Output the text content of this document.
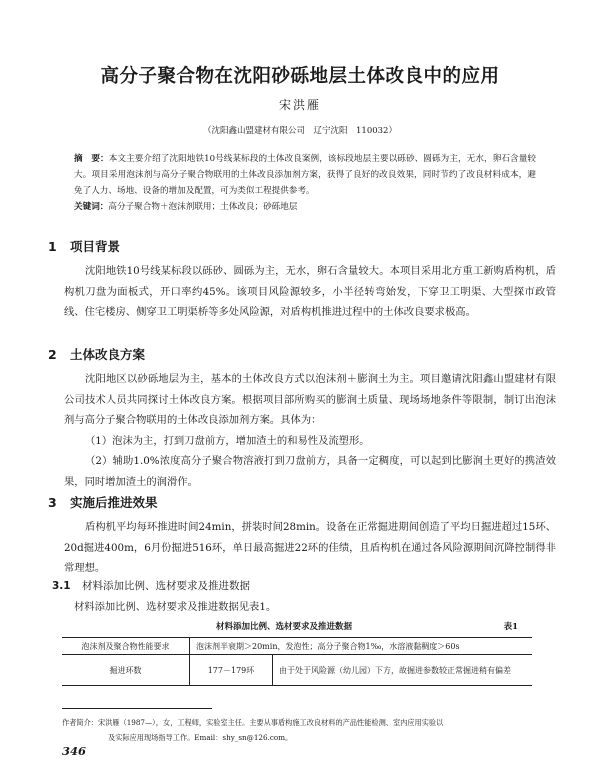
高分子聚合物在沈阳砂砾地层土体改良中的应用
宋洪雁
（沈阳鑫山盟建材有限公司　辽宁沈阳　110032）
摘　要：本文主要介绍了沈阳地铁10号线某标段的土体改良案例，该标段地层主要以砾砂、圆砾为主，无水，卵石含量较大。项目采用泡沫剂与高分子聚合物联用的土体改良添加剂方案，获得了良好的改良效果，同时节约了改良材料成本，避免了人力、场地、设备的增加及配置，可为类似工程提供参考。
关键词：高分子聚合物＋泡沫剂联用；土体改良；砂砾地层
1 项目背景
沈阳地铁10号线某标段以砾砂、圆砾为主，无水，卵石含量较大。本项目采用北方重工新购盾构机，盾构机刀盘为面板式，开口率约45%。该项目风险源较多，小半径转弯始发，下穿卫工明渠、大型探市政管线、住宅楼房、侧穿卫工明渠桥等多处风险源，对盾构机推进过程中的土体改良要求极高。
2 土体改良方案
沈阳地区以砂砾地层为主，基本的土体改良方式以泡沫剂＋膨润土为主。项目邀请沈阳鑫山盟建材有限公司技术人员共同探讨土体改良方案。根据项目部所购买的膨润土质量、现场场地条件等限制，制订出泡沫剂与高分子聚合物联用的土体改良添加剂方案。具体为：
（1）泡沫为主，打到刀盘前方，增加渣土的和易性及流塑形。
（2）辅助1.0%浓度高分子聚合物溶液打到刀盘前方，具备一定稠度，可以起到比膨润土更好的携渣效果，同时增加渣土的润滑作。
3 实施后推进效果
盾构机平均每环推进时间24min，拼装时间28min。设备在正常掘进期间创造了平均日掘进超过15环、20d掘进400m，6月份掘进516环，单日最高掘进22环的佳绩，且盾构机在通过各风险源期间沉降控制得非常理想。
3.1 材料添加比例、选材要求及推进数据
材料添加比例、选材要求及推进数据见表1。
材料添加比例、选材要求及推进数据	表1
泡沫剂及聚合物性能要求	泡沫剂半衰期＞20min，发泡性；高分子聚合物1‰，水溶液黏稠度＞60s	
掘进环数	177－179环	由于处于风险源（幼儿园）下方，故掘进参数较正常掘进稍有偏差
作者简介：宋洪雁（1987—），女，工程师，实验室主任。主要从事盾构施工改良材料的产品性能检测、室内应用实验以
及实际应用现场指导工作。Email：shy_sn@126.com。
346
